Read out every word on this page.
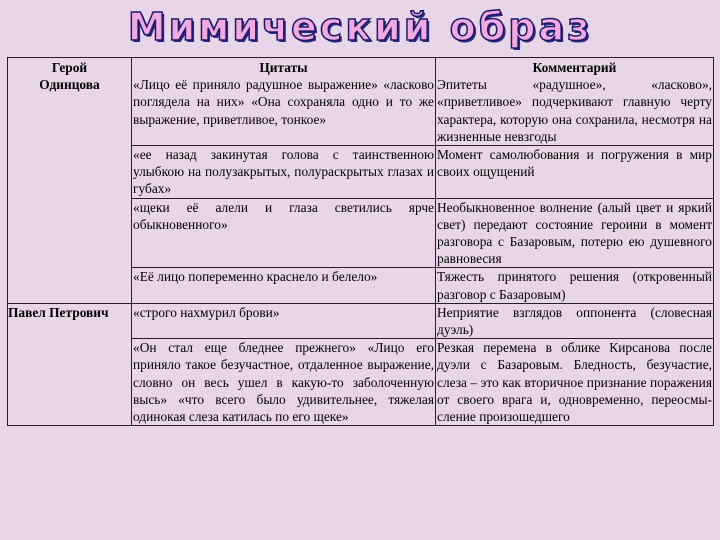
Мимический образ
Герой	Цитаты	Комментарий
Одинцова	«Лицо её приняло радушное выражение» «ласково поглядела на них» «Она сохраняла одно и то же выражение, приветливое, тонкое»	Эпитеты «радушное», «ласково», «приветливое» подчеркивают главную черту характера, которую она сохранила, несмотря на жизненные невзгоды
	«ее назад закинутая голова с таинственною улыбкою на полузакрытых, полураскрытых глазах и губах»	Момент самолюбования и погружения в мир своих ощущений
	«щеки её алели и глаза светились ярче обыкновенного»	Необыкновенное волнение (алый цвет и яркий свет) передают состояние героини в момент разговора с Базаровым, потерю ею душевного равновесия
	«Её лицо попеременно краснело и белело»	Тяжесть принятого решения (откровенный разговор с Базаровым)
Павел Петрович	«строго нахмурил брови»	Неприятие взглядов оппонента (словесная дуэль)
	«Он стал еще бледнее прежнего» «Лицо его приняло такое безучастное, отдаленное выражение, словно он весь ушел в какую-то заболоченную высь» «что всего было удивительнее, тяжелая одинокая слеза катилась по его щеке»	Резкая перемена в облике Кирсанова после дуэли с Базаровым. Бледность, безучастие, слеза – это как вторичное признание поражения от своего врага и, одновременно, переосмы-сление произошедшего
